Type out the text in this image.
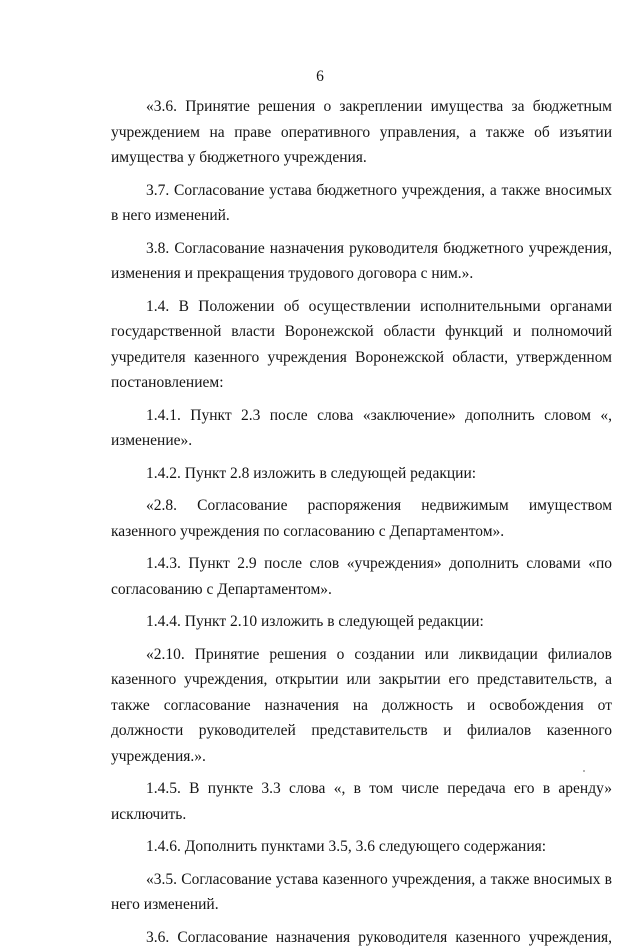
6

«3.6. Принятие решения о закреплении имущества за бюджетным учреждением на праве оперативного управления, а также об изъятии имущества у бюджетного учреждения.

3.7. Согласование устава бюджетного учреждения, а также вносимых в него изменений.

3.8. Согласование назначения руководителя бюджетного учреждения, изменения и прекращения трудового договора с ним.».

1.4. В Положении об осуществлении исполнительными органами государственной власти Воронежской области функций и полномочий учредителя казенного учреждения Воронежской области, утвержденном постановлением:

1.4.1. Пункт 2.3 после слова «заключение» дополнить словом «, изменение».

1.4.2. Пункт 2.8 изложить в следующей редакции:

«2.8. Согласование распоряжения недвижимым имуществом казенного учреждения по согласованию с Департаментом».

1.4.3. Пункт 2.9 после слов «учреждения» дополнить словами «по согласованию с Департаментом».

1.4.4. Пункт 2.10 изложить в следующей редакции:

«2.10. Принятие решения о создании или ликвидации филиалов казенного учреждения, открытии или закрытии его представительств, а также согласование назначения на должность и освобождения от должности руководителей представительств и филиалов казенного учреждения.».

1.4.5. В пункте 3.3 слова «, в том числе передача его в аренду» исключить.

1.4.6. Дополнить пунктами 3.5, 3.6 следующего содержания:

«3.5. Согласование устава казенного учреждения, а также вносимых в него изменений.

3.6. Согласование назначения руководителя казенного учреждения,
